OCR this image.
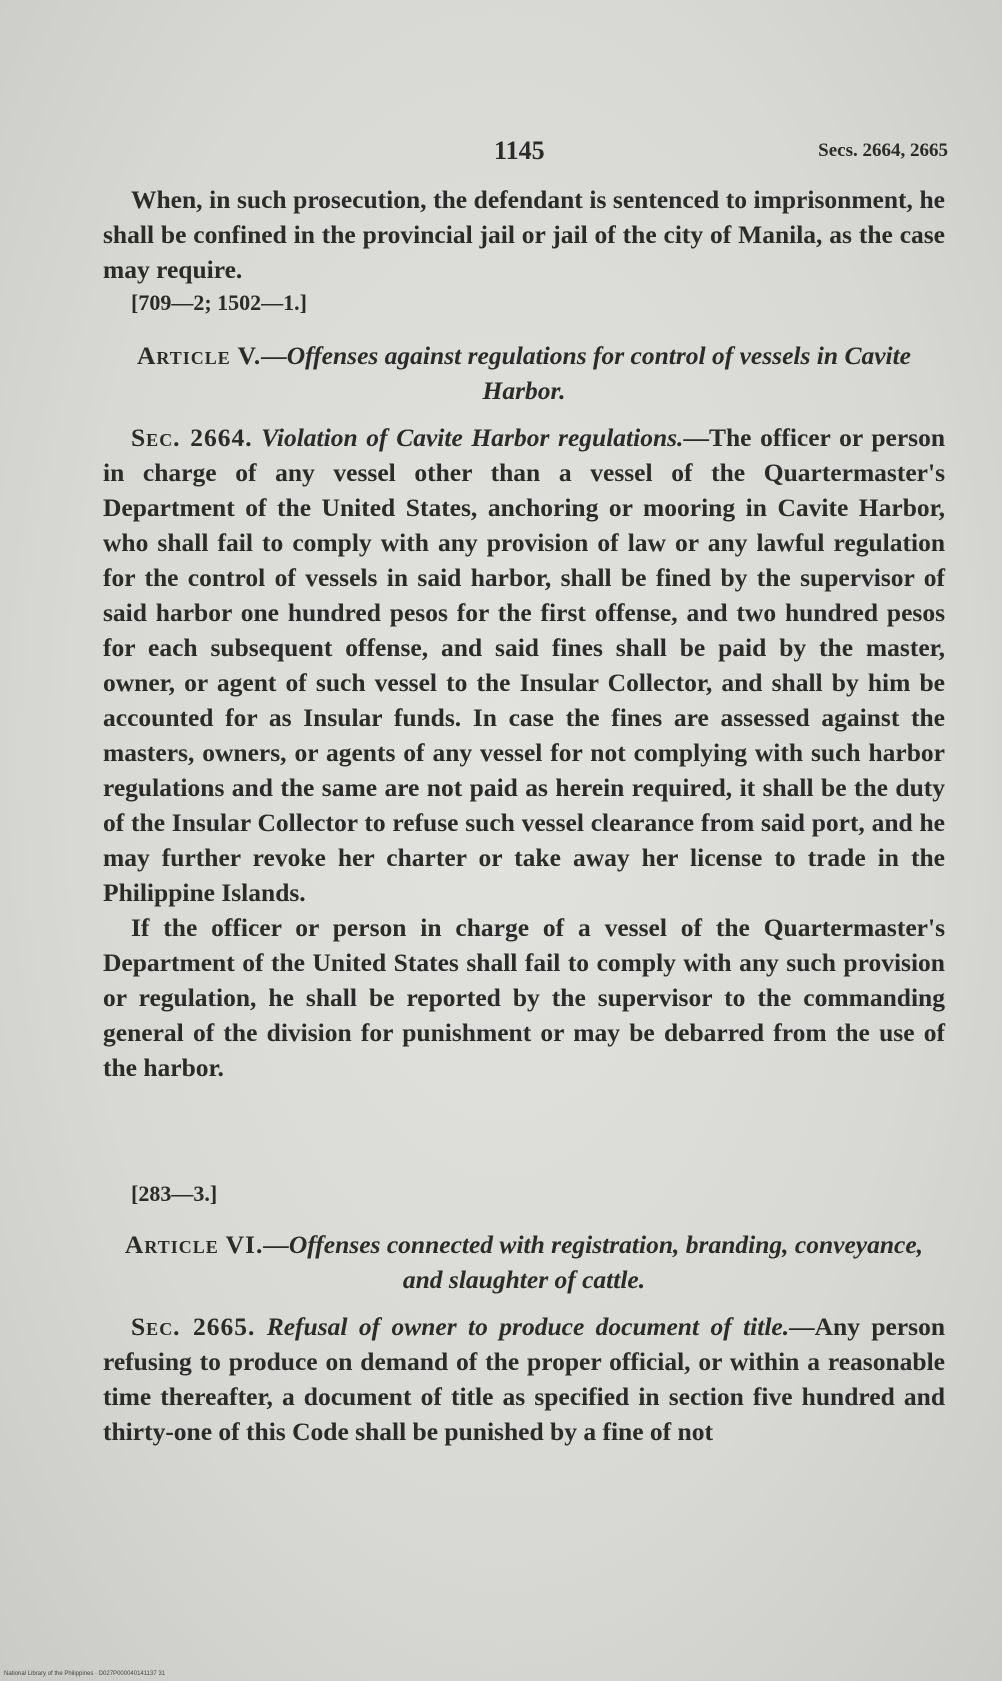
1145	Secs. 2664, 2665

When, in such prosecution, the defendant is sentenced to imprisonment, he shall be confined in the provincial jail or jail of the city of Manila, as the case may require.

[709—2; 1502—1.]
Article V.—Offenses against regulations for control of vessels in Cavite Harbor.

Sec. 2664. Violation of Cavite Harbor regulations.—The officer or person in charge of any vessel other than a vessel of the Quartermaster's Department of the United States, anchoring or mooring in Cavite Harbor, who shall fail to comply with any provision of law or any lawful regulation for the control of vessels in said harbor, shall be fined by the supervisor of said harbor one hundred pesos for the first offense, and two hundred pesos for each subsequent offense, and said fines shall be paid by the master, owner, or agent of such vessel to the Insular Collector, and shall by him be accounted for as Insular funds. In case the fines are assessed against the masters, owners, or agents of any vessel for not complying with such harbor regulations and the same are not paid as herein required, it shall be the duty of the Insular Collector to refuse such vessel clearance from said port, and he may further revoke her charter or take away her license to trade in the Philippine Islands.

If the officer or person in charge of a vessel of the Quartermaster's Department of the United States shall fail to comply with any such provision or regulation, he shall be reported by the supervisor to the commanding general of the division for punishment or may be debarred from the use of the harbor.

[283—3.]
Article VI.—Offenses connected with registration, branding, conveyance, and slaughter of cattle.

Sec. 2665. Refusal of owner to produce document of title.—Any person refusing to produce on demand of the proper official, or within a reasonable time thereafter, a document of title as specified in section five hundred and thirty-one of this Code shall be punished by a fine of not

National Library of the Philippines · D027P000040141137 31
